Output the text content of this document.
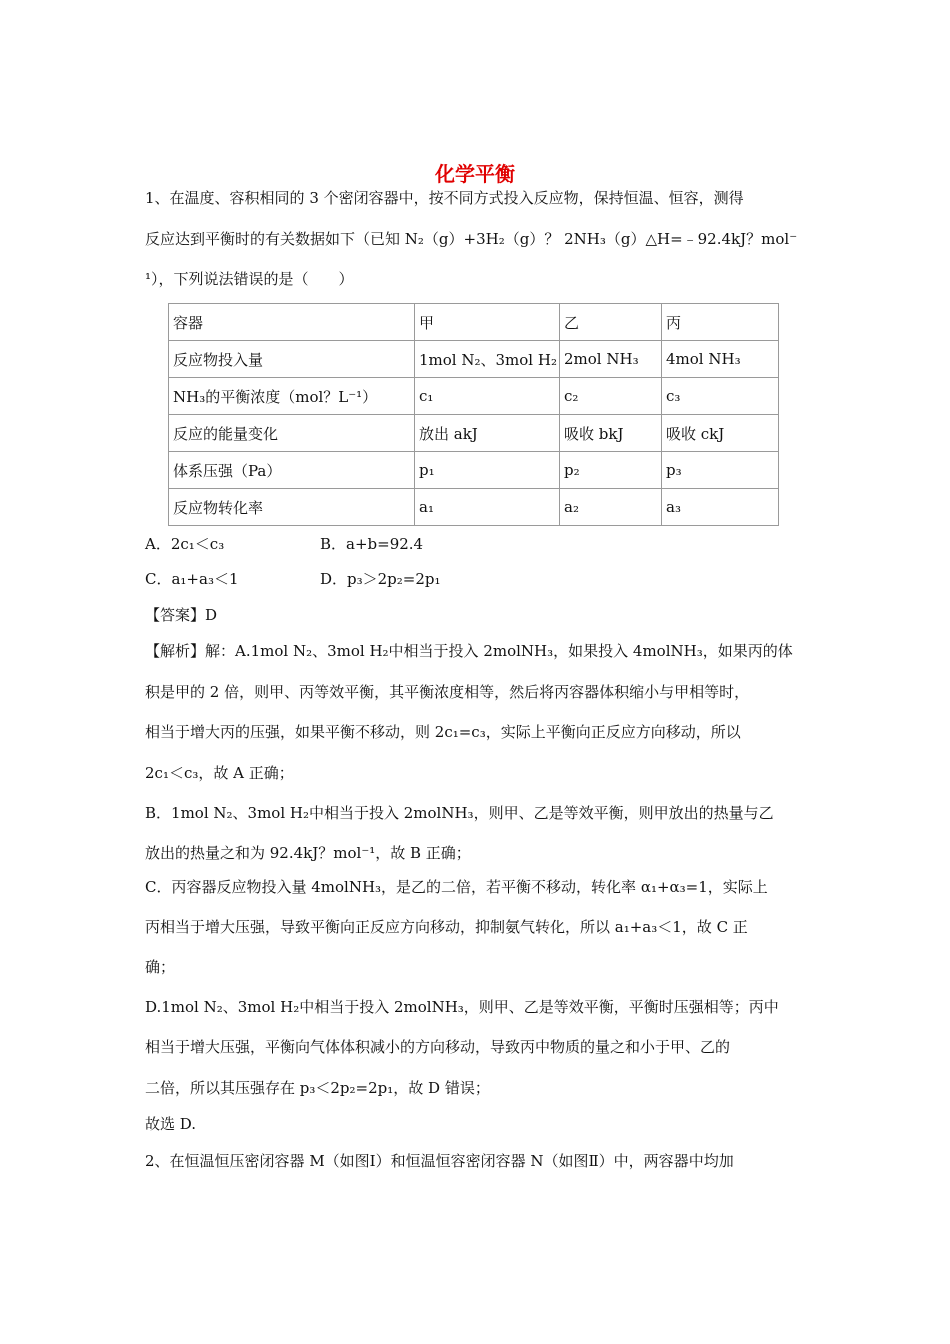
化学平衡
1、在温度、容积相同的 3 个密闭容器中，按不同方式投入反应物，保持恒温、恒容，测得
反应达到平衡时的有关数据如下（已知 N₂（g）+3H₂（g）？ 2NH₃（g）△H=﹣92.4kJ？mol⁻
¹），下列说法错误的是（　　）
容器	甲	乙	丙
反应物投入量	1mol N₂、3mol H₂	2mol NH₃	4mol NH₃
NH₃的平衡浓度（mol？L⁻¹）	c₁	c₂	c₃
反应的能量变化	放出 akJ	吸收 bkJ	吸收 ckJ
体系压强（Pa）	p₁	p₂	p₃
反应物转化率	a₁	a₂	a₃
A．2c₁＜c₃	B．a+b=92.4
C．a₁+a₃＜1	D．p₃＞2p₂=2p₁
【答案】D
【解析】解：A.1mol N₂、3mol H₂中相当于投入 2molNH₃，如果投入 4molNH₃，如果丙的体
积是甲的 2 倍，则甲、丙等效平衡，其平衡浓度相等，然后将丙容器体积缩小与甲相等时，
相当于增大丙的压强，如果平衡不移动，则 2c₁=c₃，实际上平衡向正反应方向移动，所以
2c₁＜c₃，故 A 正确；
B．1mol N₂、3mol H₂中相当于投入 2molNH₃，则甲、乙是等效平衡，则甲放出的热量与乙
放出的热量之和为 92.4kJ？mol⁻¹，故 B 正确；
C．丙容器反应物投入量 4molNH₃，是乙的二倍，若平衡不移动，转化率 α₁+α₃=1，实际上
丙相当于增大压强，导致平衡向正反应方向移动，抑制氨气转化，所以 a₁+a₃＜1，故 C 正
确；
D.1mol N₂、3mol H₂中相当于投入 2molNH₃，则甲、乙是等效平衡，平衡时压强相等；丙中
相当于增大压强，平衡向气体体积减小的方向移动，导致丙中物质的量之和小于甲、乙的
二倍，所以其压强存在 p₃＜2p₂=2p₁，故 D 错误；
故选 D.
2、在恒温恒压密闭容器 M（如图Ⅰ）和恒温恒容密闭容器 N（如图Ⅱ）中，两容器中均加
